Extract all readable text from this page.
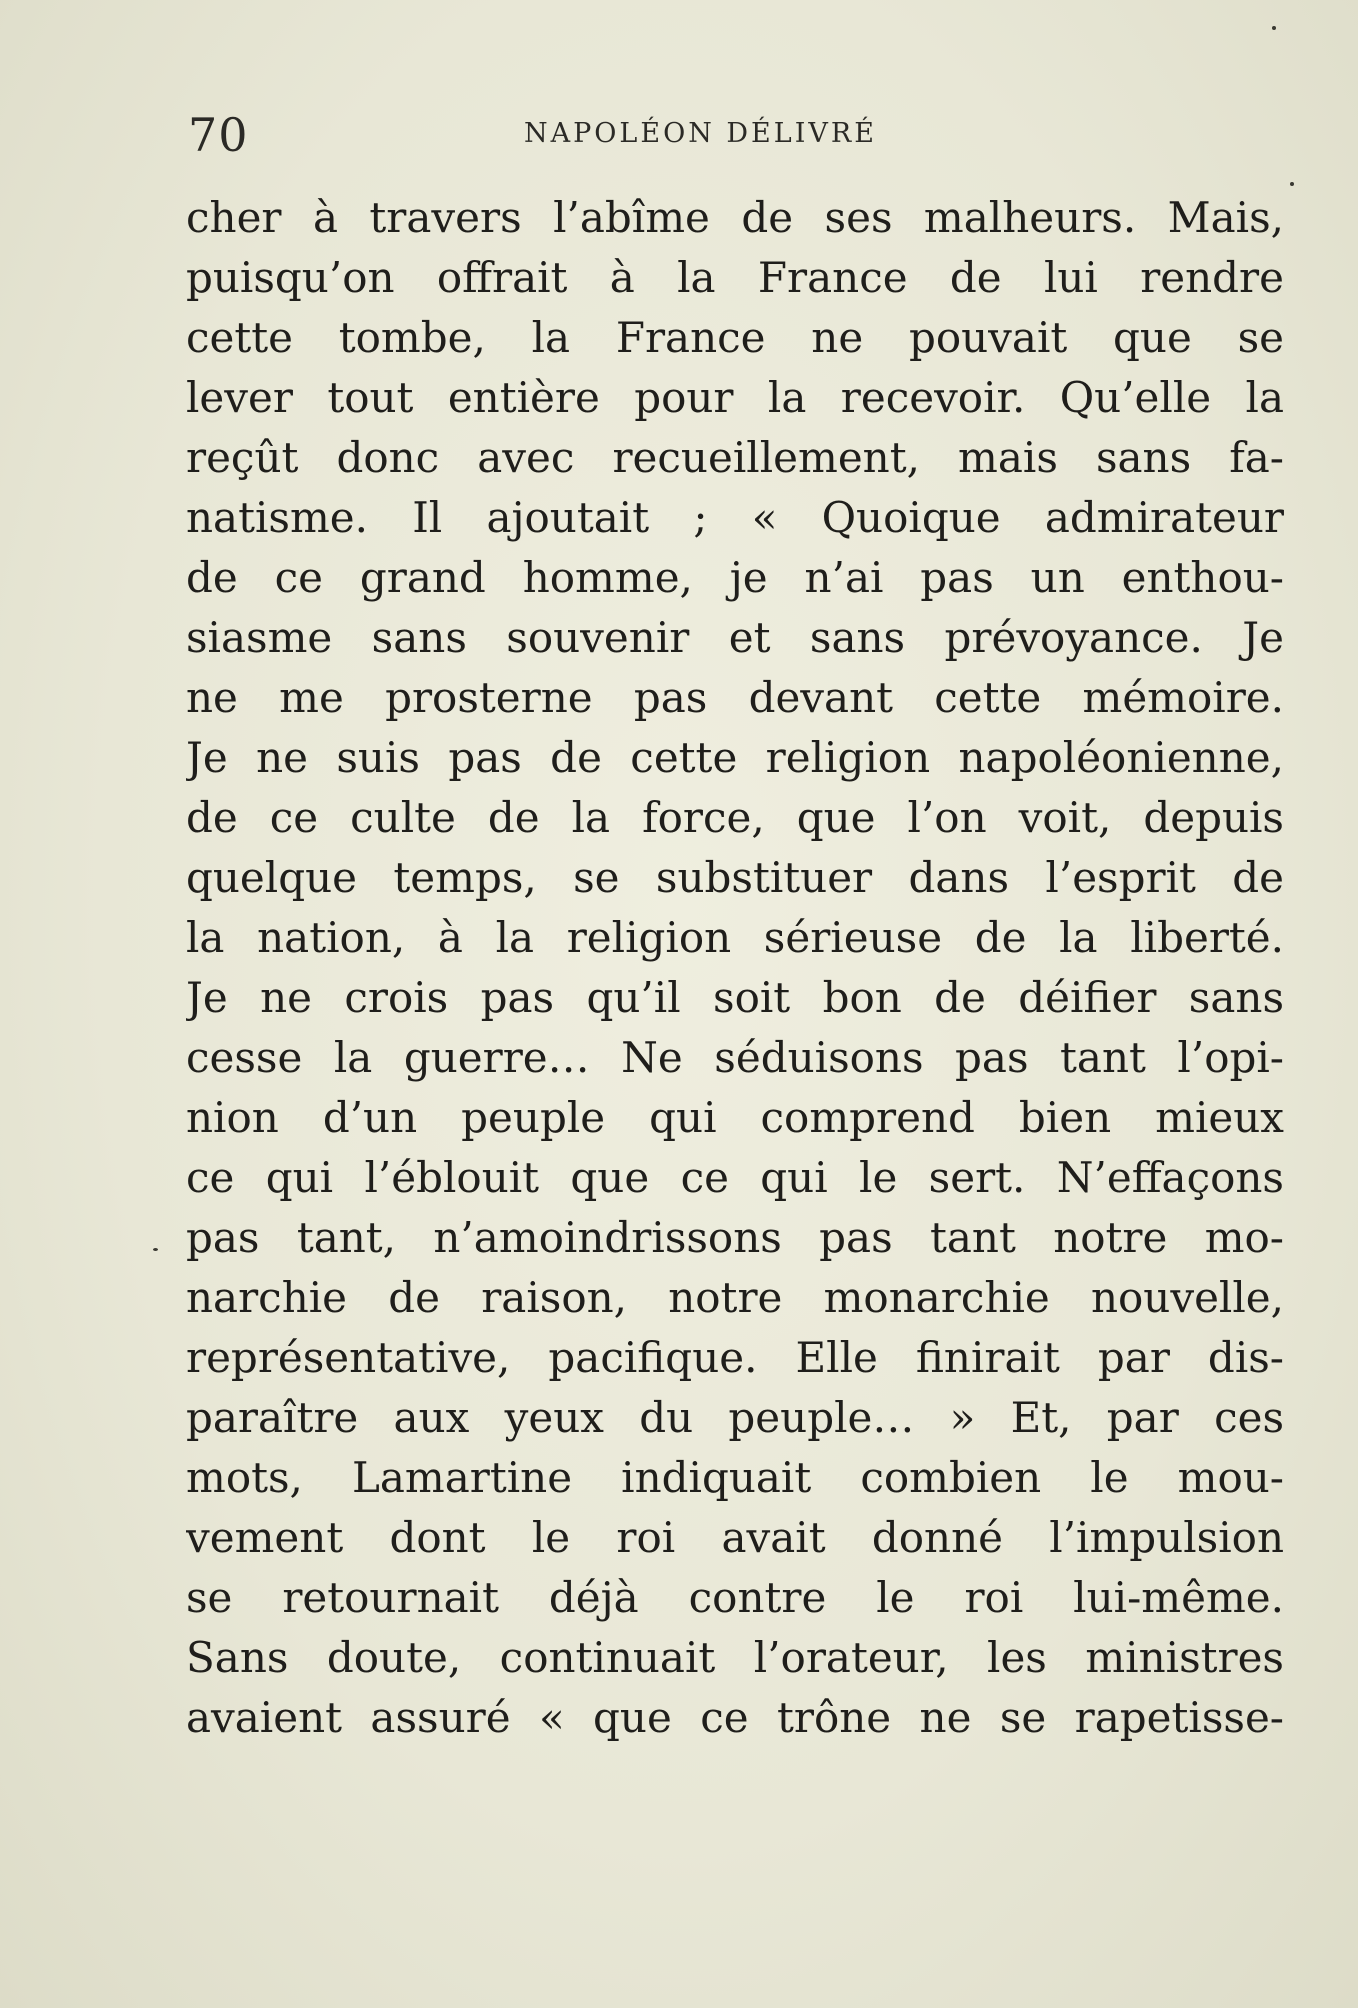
70	NAPOLÉON DÉLIVRÉ
cher à travers l’abîme de ses malheurs. Mais,
puisqu’on offrait à la France de lui rendre
cette tombe, la France ne pouvait que se
lever tout entière pour la recevoir. Qu’elle la
reçût donc avec recueillement, mais sans fa-
natisme. Il ajoutait ; « Quoique admirateur
de ce grand homme, je n’ai pas un enthou-
siasme sans souvenir et sans prévoyance. Je
ne me prosterne pas devant cette mémoire.
Je ne suis pas de cette religion napoléonienne,
de ce culte de la force, que l’on voit, depuis
quelque temps, se substituer dans l’esprit de
la nation, à la religion sérieuse de la liberté.
Je ne crois pas qu’il soit bon de déifier sans
cesse la guerre… Ne séduisons pas tant l’opi-
nion d’un peuple qui comprend bien mieux
ce qui l’éblouit que ce qui le sert. N’effaçons
pas tant, n’amoindrissons pas tant notre mo-
narchie de raison, notre monarchie nouvelle,
représentative, pacifique. Elle finirait par dis-
paraître aux yeux du peuple… » Et, par ces
mots, Lamartine indiquait combien le mou-
vement dont le roi avait donné l’impulsion
se retournait déjà contre le roi lui-même.
Sans doute, continuait l’orateur, les ministres
avaient assuré « que ce trône ne se rapetisse-
